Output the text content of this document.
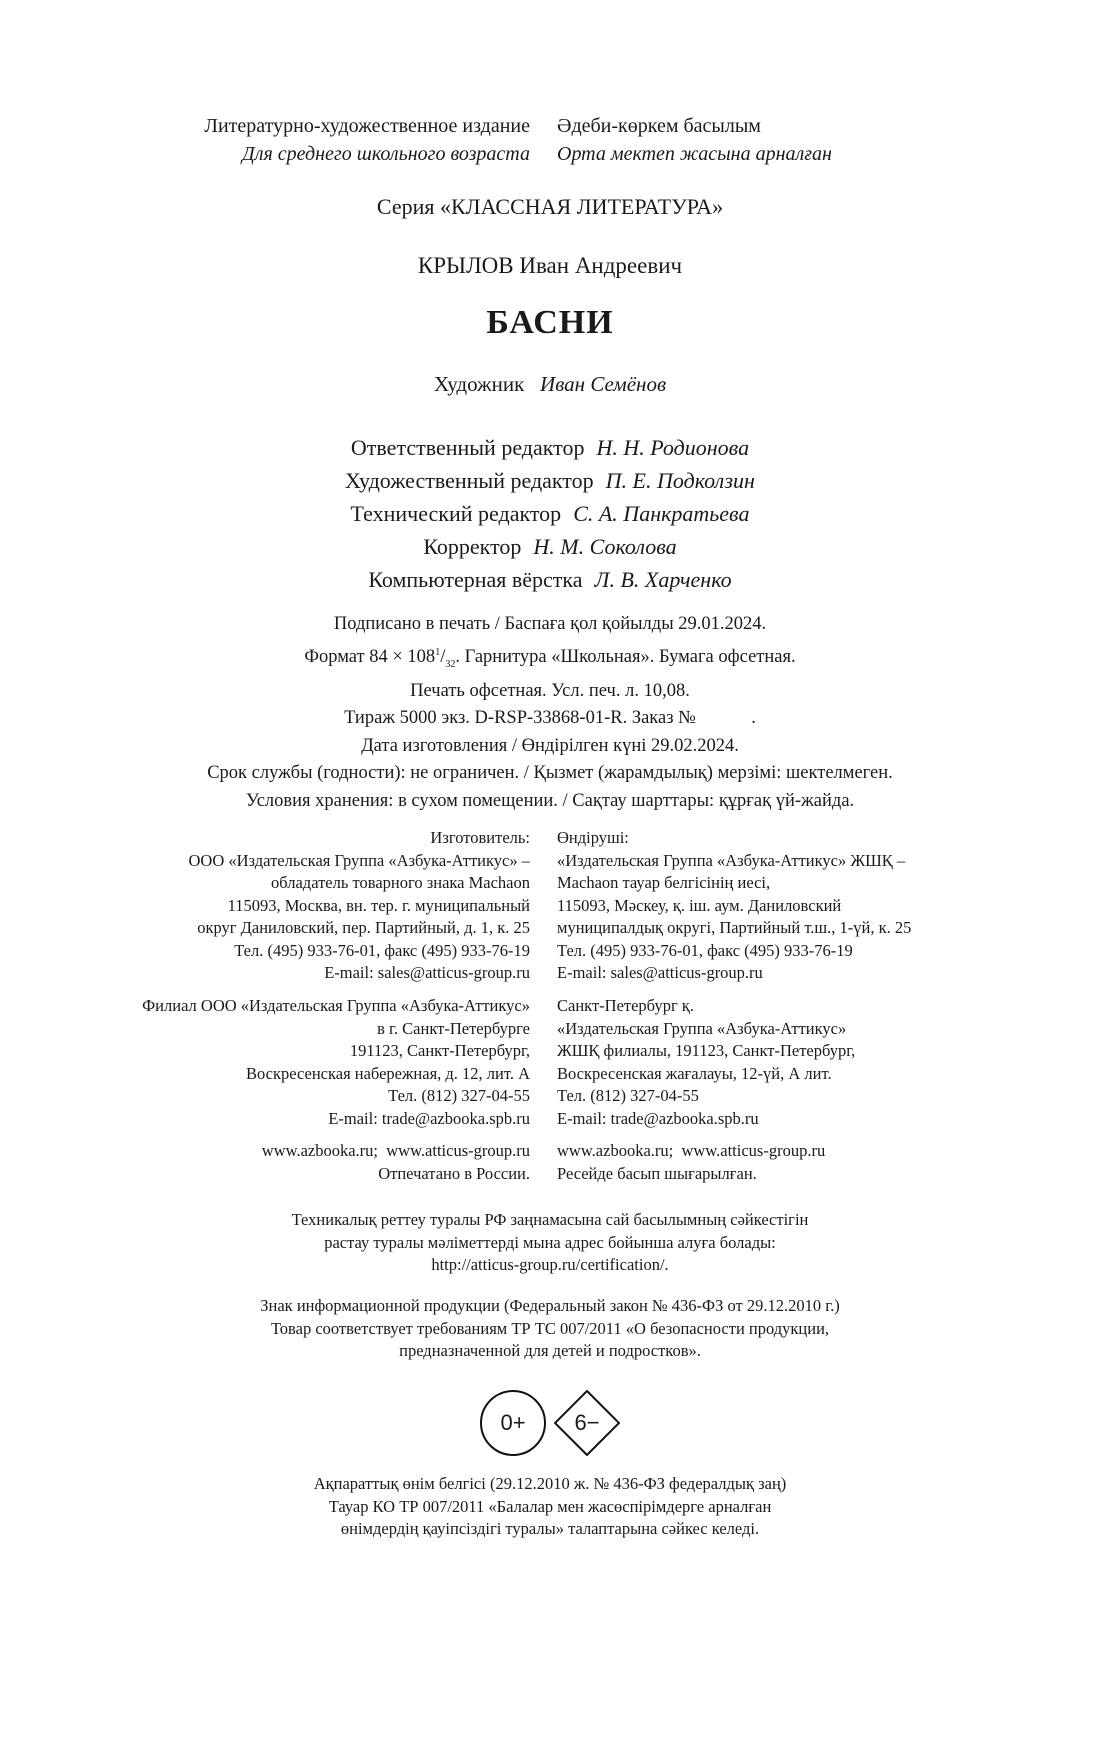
Литературно-художественное издание
Для среднего школьного возраста
Әдеби-көркем басылым
Орта мектеп жасына арналған
Серия «КЛАССНАЯ ЛИТЕРАТУРА»
КРЫЛОВ Иван Андреевич
БАСНИ
Художник Иван Семёнов
Ответственный редактор Н. Н. Родионова
Художественный редактор П. Е. Подколзин
Технический редактор С. А. Панкратьева
Корректор Н. М. Соколова
Компьютерная вёрстка Л. В. Харченко
Подписано в печать / Баспаға қол қойылды 29.01.2024.
Формат $84 \times 108^1/_{32}$. Гарнитура «Школьная». Бумага офсетная.
Печать офсетная. Усл. печ. л. 10,08.
Тираж 5000 экз. D-RSP-33868-01-R. Заказ №            .
Дата изготовления / Өндірілген күні 29.02.2024.
Срок службы (годности): не ограничен. / Қызмет (жарамдылық) мерзімі: шектелмеген.
Условия хранения: в сухом помещении. / Сақтау шарттары: құрғақ үй-жайда.
Изготовитель:
ООО «Издательская Группа «Азбука-Аттикус» –
обладатель товарного знака Machaon
115093, Москва, вн. тер. г. муниципальный
округ Даниловский, пер. Партийный, д. 1, к. 25
Тел. (495) 933-76-01, факс (495) 933-76-19
E-mail: sales@atticus-group.ru
Өндіруші:
«Издательская Группа «Азбука-Аттикус» ЖШҚ –
Machaon тауар белгісінің иесі,
115093, Мәскеу, қ. іш. аум. Даниловский
муниципалдық округі, Партийный т.ш., 1-үй, к. 25
Тел. (495) 933-76-01, факс (495) 933-76-19
E-mail: sales@atticus-group.ru
Филиал ООО «Издательская Группа «Азбука-Аттикус»
в г. Санкт-Петербурге
191123, Санкт-Петербург,
Воскресенская набережная, д. 12, лит. А
Тел. (812) 327-04-55
E-mail: trade@azbooka.spb.ru
Санкт-Петербург қ.
«Издательская Группа «Азбука-Аттикус»
ЖШҚ филиалы, 191123, Санкт-Петербург,
Воскресенская жағалауы, 12-үй, А лит.
Тел. (812) 327-04-55
E-mail: trade@azbooka.spb.ru
www.azbooka.ru;  www.atticus-group.ru
Отпечатано в России.
www.azbooka.ru;  www.atticus-group.ru
Ресейде басып шығарылған.
Техникалық реттеу туралы РФ заңнамасына сай басылымның сәйкестігін
растау туралы мәліметтерді мына адрес бойынша алуға болады:
http://atticus-group.ru/certification/.
Знак информационной продукции (Федеральный закон № 436-ФЗ от 29.12.2010 г.)
Товар соответствует требованиям ТР ТС 007/2011 «О безопасности продукции,
предназначенной для детей и подростков».
0+	6−
Ақпараттық өнім белгісі (29.12.2010 ж. № 436-ФЗ федералдық заң)
Тауар КО ТР 007/2011 «Балалар мен жасөспірімдерге арналған
өнімдердің қауіпсіздігі туралы» талаптарына сәйкес келеді.
